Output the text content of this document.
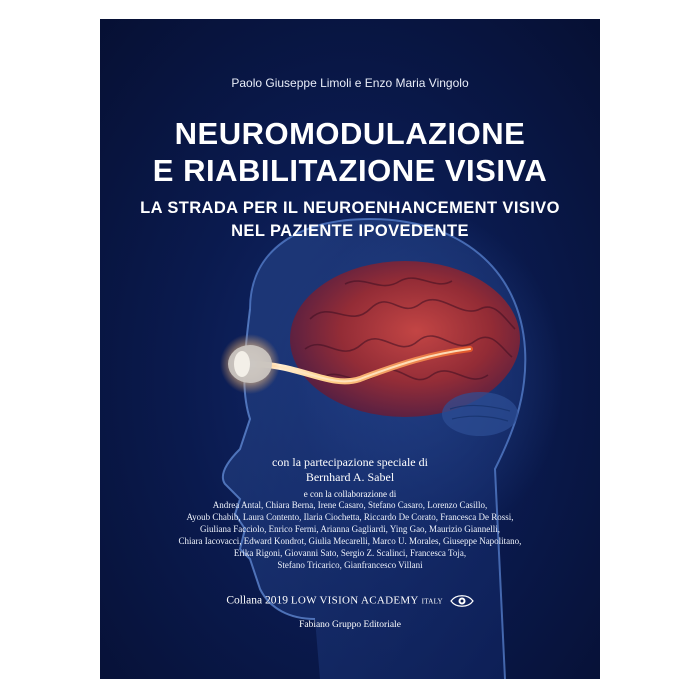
Paolo Giuseppe Limoli e Enzo Maria Vingolo
NEUROMODULAZIONE
E RIABILITAZIONE VISIVA
LA STRADA PER IL NEUROENHANCEMENT VISIVO
NEL PAZIENTE IPOVEDENTE
con la partecipazione speciale di
Bernhard A. Sabel
e con la collaborazione di
Andrea Antal, Chiara Berna, Irene Casaro, Stefano Casaro, Lorenzo Casillo,
Ayoub Chabib, Laura Contento, Ilaria Ciochetta, Riccardo De Corato, Francesca De Rossi,
Giuliana Facciolo, Enrico Fermi, Arianna Gagliardi, Ying Gao, Maurizio Giannelli,
Chiara Iacovacci, Edward Kondrot, Giulia Mecarelli, Marco U. Morales, Giuseppe Napolitano,
Erika Rigoni, Giovanni Sato, Sergio Z. Scalinci, Francesca Toja,
Stefano Tricarico, Gianfrancesco Villani
Collana 2019 LOW VISION ACADEMY ITALY
Fabiano Gruppo Editoriale
